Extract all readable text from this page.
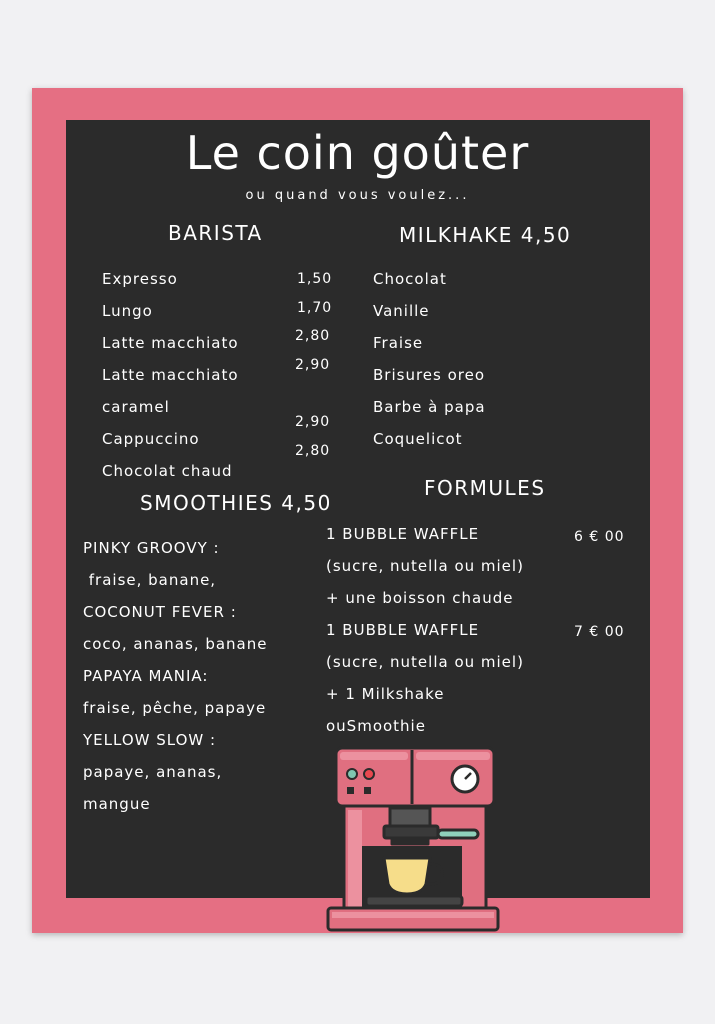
Le coin goûter
ou quand vous voulez...
BARISTA
Expresso
Lungo
Latte macchiato
Latte macchiato
caramel
Cappuccino
Chocolat chaud
1,50
1,70
2,80
2,90
2,90
2,80
MILKHAKE 4,50
Chocolat
Vanille
Fraise
Brisures oreo
Barbe à papa
Coquelicot
SMOOTHIES 4,50
PINKY GROOVY :
fraise, banane,
COCONUT FEVER :
coco, ananas, banane
PAPAYA MANIA:
fraise, pêche, papaye
YELLOW SLOW :
papaye, ananas,
mangue
FORMULES
1 BUBBLE WAFFLE
(sucre, nutella ou miel)
+ une boisson chaude
1 BUBBLE WAFFLE
(sucre, nutella ou miel)
+ 1 Milkshake
ouSmoothie
6 € 00
7 € 00
